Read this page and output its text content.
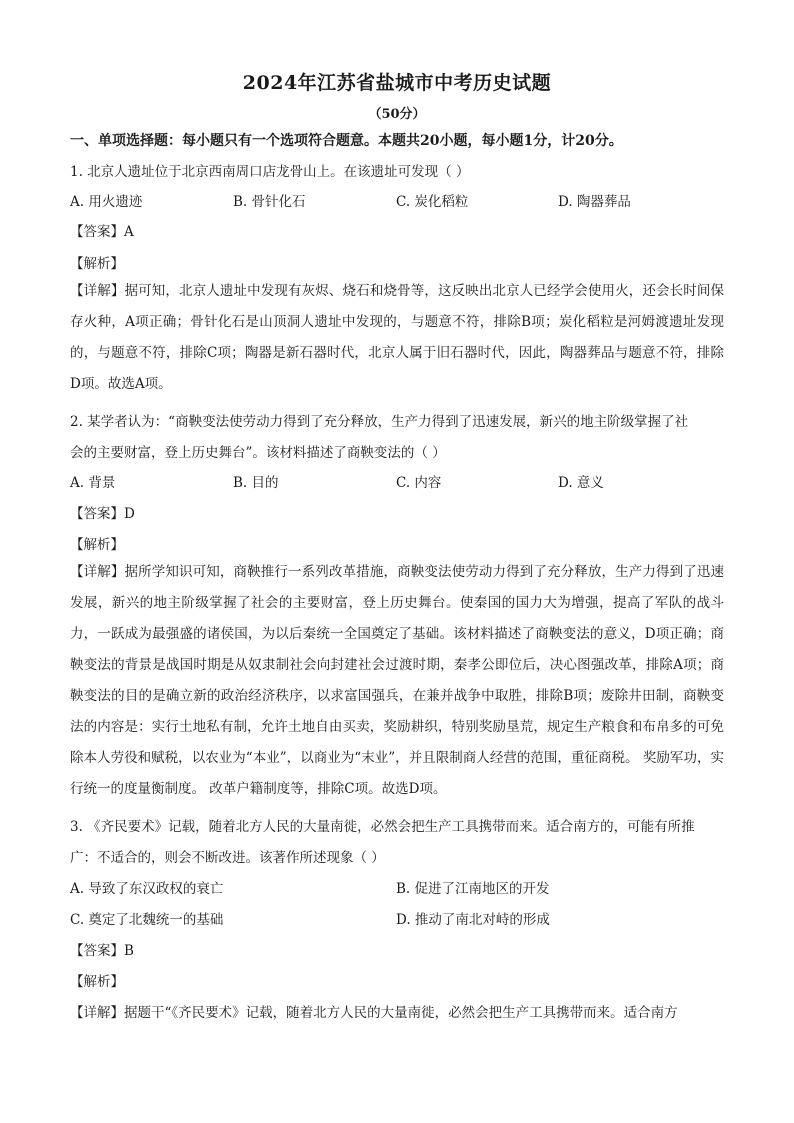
2024年江苏省盐城市中考历史试题
（50分）
一、单项选择题：每小题只有一个选项符合题意。本题共20小题，每小题1分，计20分。
1. 北京人遗址位于北京西南周口店龙骨山上。在该遗址可发现（ ）
A. 用火遗迹	B. 骨针化石	C. 炭化稻粒	D. 陶器葬品
【答案】A
【解析】
【详解】据可知，北京人遗址中发现有灰烬、烧石和烧骨等，这反映出北京人已经学会使用火，还会长时间保存火种，A项正确；骨针化石是山顶洞人遗址中发现的，与题意不符，排除B项；炭化稻粒是河姆渡遗址发现的，与题意不符，排除C项；陶器是新石器时代，北京人属于旧石器时代，因此，陶器葬品与题意不符，排除D项。故选A项。
2. 某学者认为：“商鞅变法使劳动力得到了充分释放，生产力得到了迅速发展，新兴的地主阶级掌握了社
会的主要财富，登上历史舞台”。该材料描述了商鞅变法的（ ）
A. 背景	B. 目的	C. 内容	D. 意义
【答案】D
【解析】
【详解】据所学知识可知，商鞅推行一系列改革措施，商鞅变法使劳动力得到了充分释放，生产力得到了迅速发展，新兴的地主阶级掌握了社会的主要财富，登上历史舞台。使秦国的国力大为增强，提高了军队的战斗力，一跃成为最强盛的诸侯国，为以后秦统一全国奠定了基础。该材料描述了商鞅变法的意义，D项正确；商鞅变法的背景是战国时期是从奴隶制社会向封建社会过渡时期，秦孝公即位后，决心图强改革，排除A项；商鞅变法的目的是确立新的政治经济秩序，以求富国强兵，在兼并战争中取胜，排除B项；废除井田制，商鞅变法的内容是：实行土地私有制，允许土地自由买卖，奖励耕织，特别奖励垦荒，规定生产粮食和布帛多的可免除本人劳役和赋税，以农业为“本业”，以商业为“末业”，并且限制商人经营的范围，重征商税。 奖励军功，实行统一的度量衡制度。 改革户籍制度等，排除C项。故选D项。
3. 《齐民要术》记载，随着北方人民的大量南徙，必然会把生产工具携带而来。适合南方的，可能有所推
广：不适合的，则会不断改进。该著作所述现象（ ）
A. 导致了东汉政权的衰亡	B. 促进了江南地区的开发
C. 奠定了北魏统一的基础	D. 推动了南北对峙的形成
【答案】B
【解析】
【详解】据题干“《齐民要术》记载，随着北方人民的大量南徙，必然会把生产工具携带而来。适合南方
